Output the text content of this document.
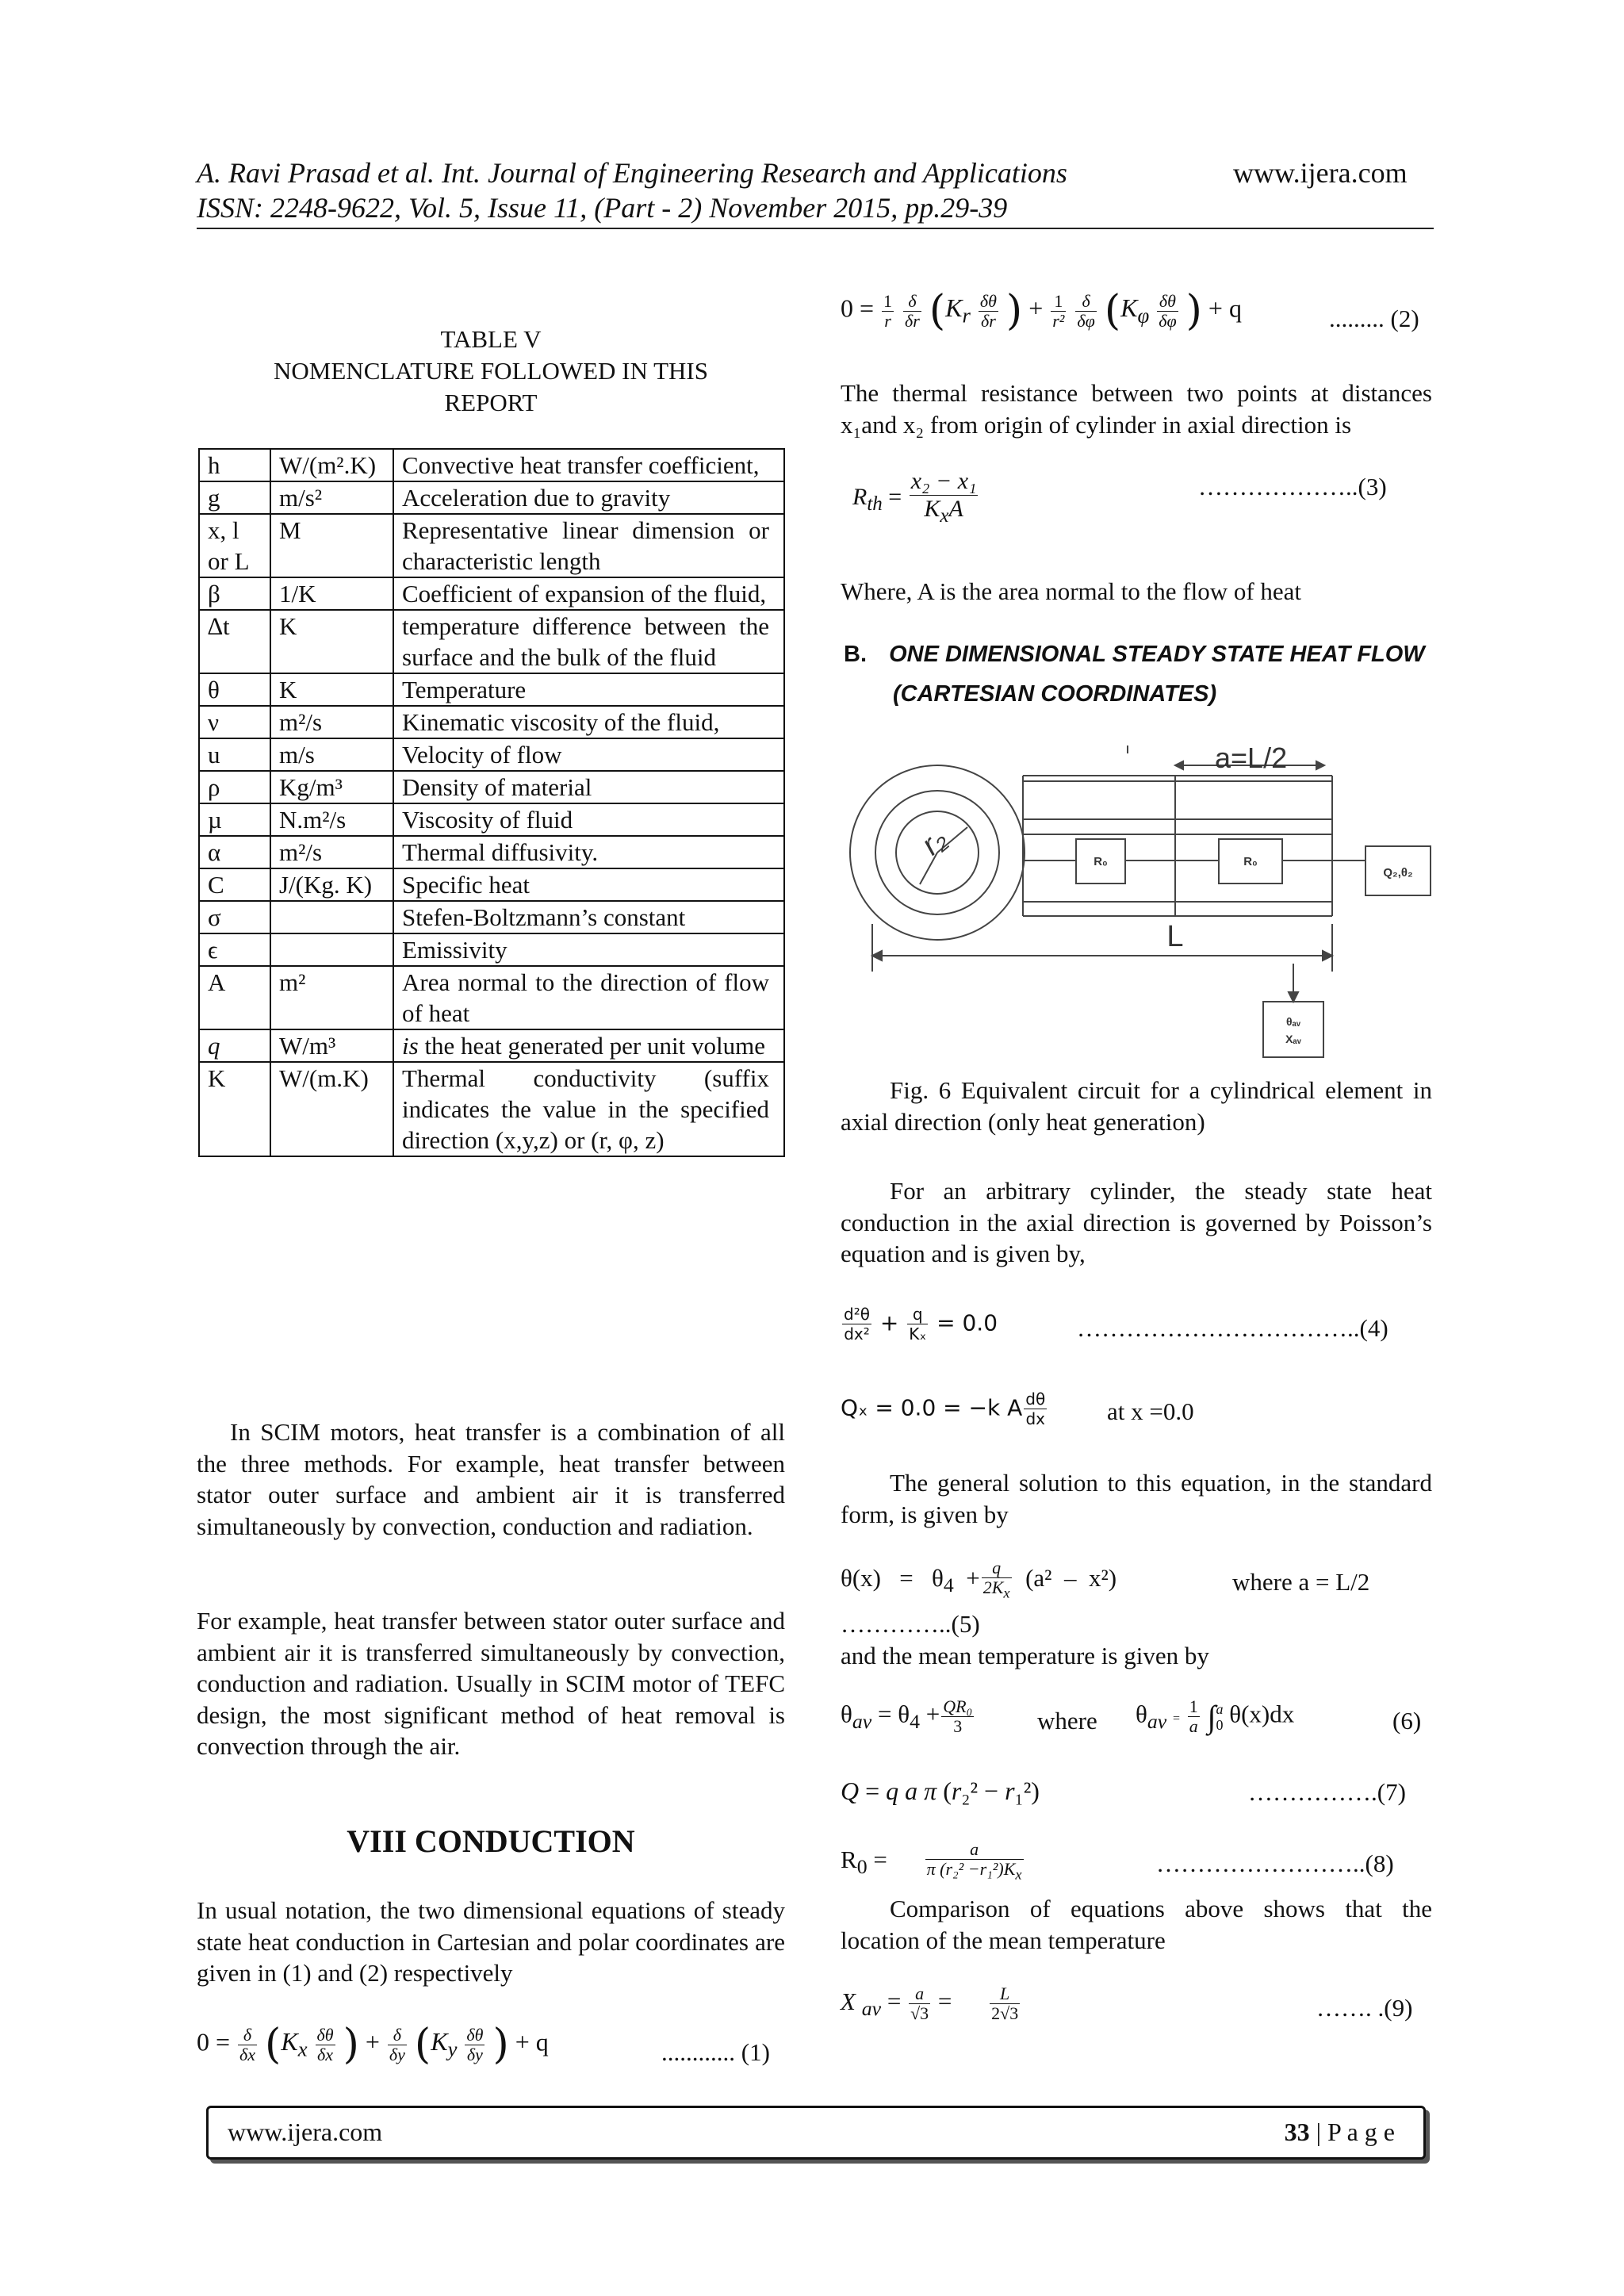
A. Ravi Prasad et al. Int. Journal of Engineering Research and Applications
ISSN: 2248-9622, Vol. 5, Issue 11, (Part - 2) November 2015, pp.29-39
www.ijera.com
TABLE V
NOMENCLATURE FOLLOWED IN THIS
REPORT
h	W/(m².K)	Convective heat transfer coefficient,
g	m/s²	Acceleration due to gravity
x, l or L	M	Representative linear dimension or characteristic length
β	1/K	Coefficient of expansion of the fluid,
∆t	K	temperature difference between the surface and the bulk of the fluid
θ	K	Temperature
ν	m²/s	Kinematic viscosity of the fluid,
u	m/s	Velocity of flow
ρ	Kg/m³	Density of material
µ	N.m²/s	Viscosity of fluid
α	m²/s	Thermal diffusivity.
C	J/(Kg. K)	Specific heat
σ		Stefen-Boltzmann’s constant
ϵ		Emissivity
A	m²	Area normal to the direction of flow of heat
q	W/m³	is the heat generated per unit volume
K	W/(m.K)	Thermal conductivity (suffix indicates the value in the specified direction (x,y,z) or (r, φ, z)
In SCIM motors, heat transfer is a combination of all the three methods. For example, heat transfer between stator outer surface and ambient air it is transferred simultaneously by convection, conduction and radiation.
For example, heat transfer between stator outer surface and ambient air it is transferred simultaneously by convection, conduction and radiation. Usually in SCIM motor of TEFC design, the most significant method of heat removal is convection through the air.
VIII CONDUCTION
In usual notation, the two dimensional equations of steady state heat conduction in Cartesian and polar coordinates are given in (1) and (2) respectively
$0 = \frac{\delta}{\delta x} (K_x \frac{\delta\theta}{\delta x}$ ) + $\frac{\delta}{\delta y} (K_y \frac{\delta\theta}{\delta y}$ ) + q	............ (1)
$0 = \frac{1}{r}$
$\frac{\delta}{\delta r} (K_r \frac{\delta\theta}{\delta r}$ ) + $\frac{1}{\text{r²}}$
$\frac{\delta}{\delta\varphi} (K_\varphi \frac{\delta\theta}{\delta\varphi}$ ) + q	......... (2)
The thermal resistance between two points at distances x₁and x₂ from origin of cylinder in axial direction is
$R_{th} = \frac{\text{x₂ − x₁}}{K_xA}$	………………..(3)
Where, A is the area normal to the flow of heat
B. ONE DIMENSIONAL STEADY STATE HEAT FLOW
(CARTESIAN COORDINATES)
a=L/2
R₀	R₀
Q₂,θ₂
L
θₐᵥ
Xₐᵥ
r₂
Fig. 6 Equivalent circuit for a cylindrical element in axial direction (only heat generation)
For an arbitrary cylinder, the steady state heat conduction in the axial direction is governed by Poisson’s equation and is given by,
$\frac{\text{d²θ}}{\text{dx²}} + \frac{q}{\text{Kₓ}} = 0.0$	……………………………..(4)
Qₓ = 0.0 = −k A $\frac{d\theta}{dx}$ at x =0.0
The general solution to this equation, in the standard form, is given by
$\theta(x) = \theta_4 + \frac{q}{2K_x} (a^2 - x^2)$	where a = L/2
…………..(5)
and the mean temperature is given by
$\theta_{av} = \theta_4 + \frac{\text{QR₀}}{3}$	where $\theta_{av} = \frac{1}{a} \int a$
0 θ(x)dx	(6)
Q = q a π (r₂² − r₁²)	…………….(7)
$R_0 = \frac{a}{\pi (r_2^2 -r_1^2)K_x}$	……………………..(8)
Comparison of equations above shows that the location of the mean temperature
X $_{av} = \frac{a}{√3} = \frac{L}{2√3}$	……. .(9)
www.ijera.com	33 | P a g e
